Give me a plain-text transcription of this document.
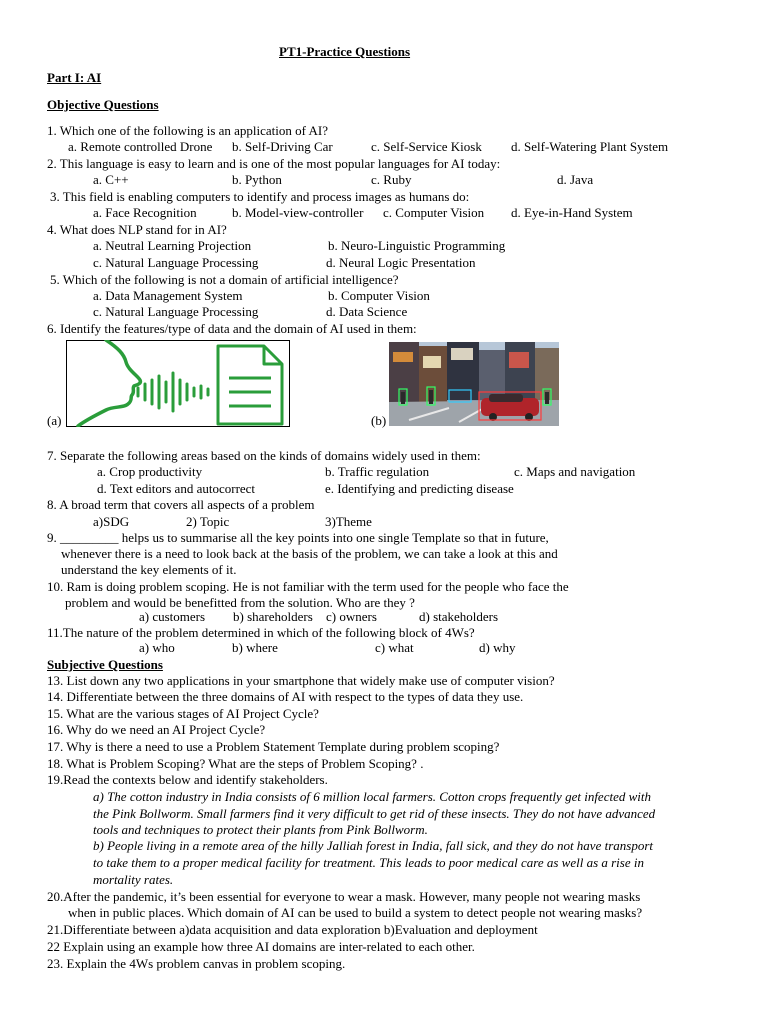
PT1-Practice Questions
Part I: AI
Objective Questions
1. Which one of the following is an application of AI?
a. Remote controlled Drone b. Self-Driving Car	c. Self-Service Kiosk d. Self-Watering Plant System
2. This language is easy to learn and is one of the most popular languages for AI today:
a. C++	b. Python	c. Ruby	d. Java
3. This field is enabling computers to identify and process images as humans do:
a. Face Recognition	b. Model-view-controller c. Computer Vision d. Eye-in-Hand System
4. What does NLP stand for in AI?
a. Neutral Learning Projection	b. Neuro-Linguistic Programming
c. Natural Language Processing	d. Neural Logic Presentation
5. Which of the following is not a domain of artificial intelligence?
a. Data Management System	b. Computer Vision
c. Natural Language Processing	d. Data Science
6. Identify the features/type of data and the domain of AI used in them:
(a)	(b)
7. Separate the following areas based on the kinds of domains widely used in them:
a. Crop productivity	b. Traffic regulation	c. Maps and navigation
d. Text editors and autocorrect	e. Identifying and predicting disease
8. A broad term that covers all aspects of a problem
a)SDG	2) Topic	3)Theme
9. _________ helps us to summarise all the key points into one single Template so that in future,
whenever there is a need to look back at the basis of the problem, we can take a look at this and
understand the key elements of it.
10. Ram is doing problem scoping. He is not familiar with the term used for the people who face the
problem and would be benefitted from the solution. Who are they ?
a) customers b) shareholders c) owners	d) stakeholders
11.The nature of the problem determined in which of the following block of 4Ws?
a) who	b) where	c) what	d) why
Subjective Questions
13. List down any two applications in your smartphone that widely make use of computer vision?
14. Differentiate between the three domains of AI with respect to the types of data they use.
15. What are the various stages of AI Project Cycle?
16. Why do we need an AI Project Cycle?
17. Why is there a need to use a Problem Statement Template during problem scoping?
18. What is Problem Scoping? What are the steps of Problem Scoping? .
19.Read the contexts below and identify stakeholders.
a) The cotton industry in India consists of 6 million local farmers. Cotton crops frequently get infected with
the Pink Bollworm. Small farmers find it very difficult to get rid of these insects. They do not have advanced
tools and techniques to protect their plants from Pink Bollworm.
b) People living in a remote area of the hilly Jalliah forest in India, fall sick, and they do not have transport
to take them to a proper medical facility for treatment. This leads to poor medical care as well as a rise in
mortality rates.
20.After the pandemic, it’s been essential for everyone to wear a mask. However, many people not wearing masks
when in public places. Which domain of AI can be used to build a system to detect people not wearing masks?
21.Differentiate between a)data acquisition and data exploration b)Evaluation and deployment
22 Explain using an example how three AI domains are inter-related to each other.
23. Explain the 4Ws problem canvas in problem scoping.
